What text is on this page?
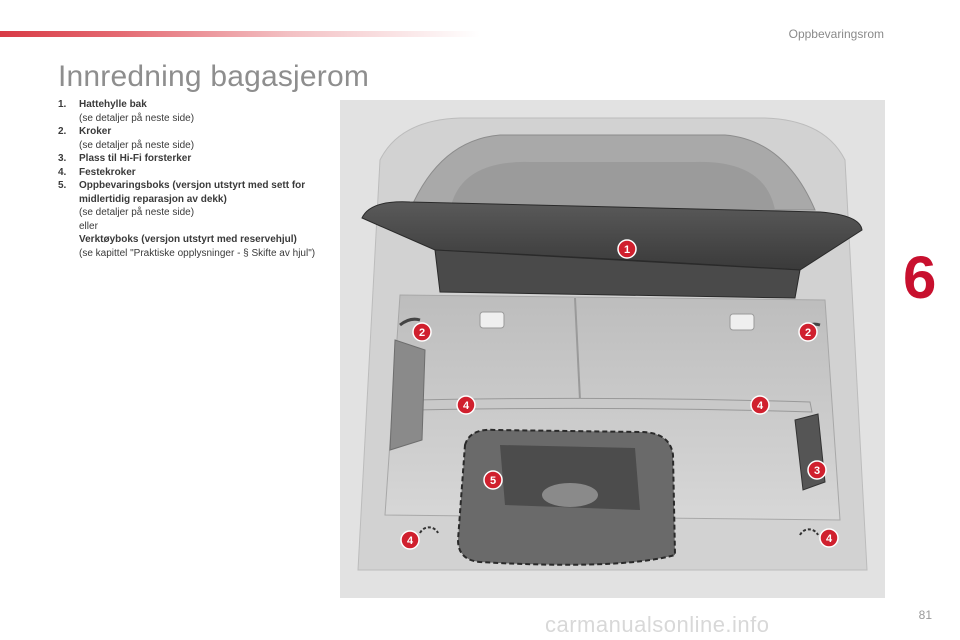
Oppbevaringsrom
Innredning bagasjerom
1. Hattehylle bak
(se detaljer på neste side)
2. Kroker
(se detaljer på neste side)
3. Plass til Hi-Fi forsterker
4. Festekroker
5. Oppbevaringsboks (versjon utstyrt med sett for midlertidig reparasjon av dekk)
(se detaljer på neste side)
eller
Verktøyboks (versjon utstyrt med reservehjul)
(se kapittel "Praktiske opplysninger - § Skifte av hjul")	1
2	2
3
4	4
4	4
5
6
81
carmanualsonline.info
